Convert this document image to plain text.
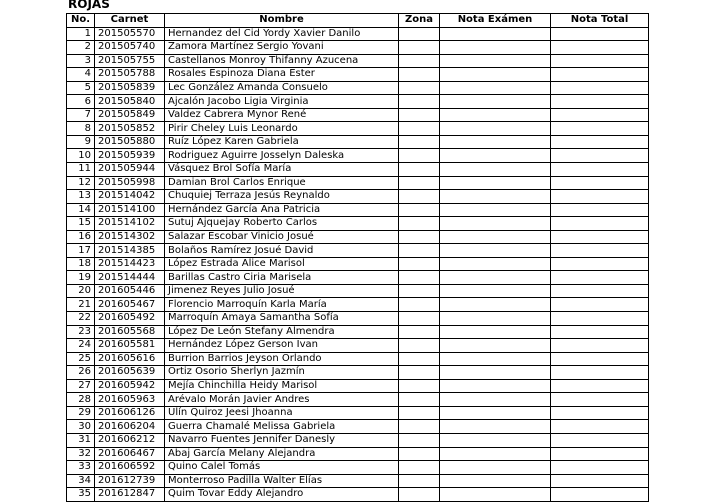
ROJAS
No.	Carnet	Nombre	Zona	Nota Exámen	Nota Total
1	201505570	Hernandez del Cid Yordy Xavier Danilo			
2	201505740	Zamora Martínez Sergio Yovani			
3	201505755	Castellanos Monroy Thifanny Azucena			
4	201505788	Rosales Espinoza Diana Ester			
5	201505839	Lec González Amanda Consuelo			
6	201505840	Ajcalón Jacobo Ligia Virginia			
7	201505849	Valdez Cabrera Mynor René			
8	201505852	Pirir Cheley Luis Leonardo			
9	201505880	Ruíz López Karen Gabriela			
10	201505939	Rodriguez Aguirre Josselyn Daleska			
11	201505944	Vásquez Brol Sofía María			
12	201505998	Damian Brol Carlos Enrique			
13	201514042	Chuquiej Terraza Jesús Reynaldo			
14	201514100	Hernández García Ana Patricia			
15	201514102	Sutuj Ajquejay Roberto Carlos			
16	201514302	Salazar Escobar Vinicio Josué			
17	201514385	Bolaños Ramírez Josué David			
18	201514423	López Estrada Alice Marisol			
19	201514444	Barillas Castro Ciria Marisela			
20	201605446	Jimenez Reyes Julio Josué			
21	201605467	Florencio Marroquín Karla María			
22	201605492	Marroquín Amaya Samantha Sofía			
23	201605568	López De León Stefany Almendra			
24	201605581	Hernández López Gerson Ivan			
25	201605616	Burrion Barrios Jeyson Orlando			
26	201605639	Ortiz Osorio Sherlyn Jazmín			
27	201605942	Mejía Chinchilla Heidy Marisol			
28	201605963	Arévalo Morán Javier Andres			
29	201606126	Ulín Quiroz Jeesi Jhoanna			
30	201606204	Guerra Chamalé Melissa Gabriela			
31	201606212	Navarro Fuentes Jennifer Danesly			
32	201606467	Abaj García Melany Alejandra			
33	201606592	Quino Calel Tomás			
34	201612739	Monterroso Padilla Walter Elías			
35	201612847	Quim Tovar Eddy Alejandro			
